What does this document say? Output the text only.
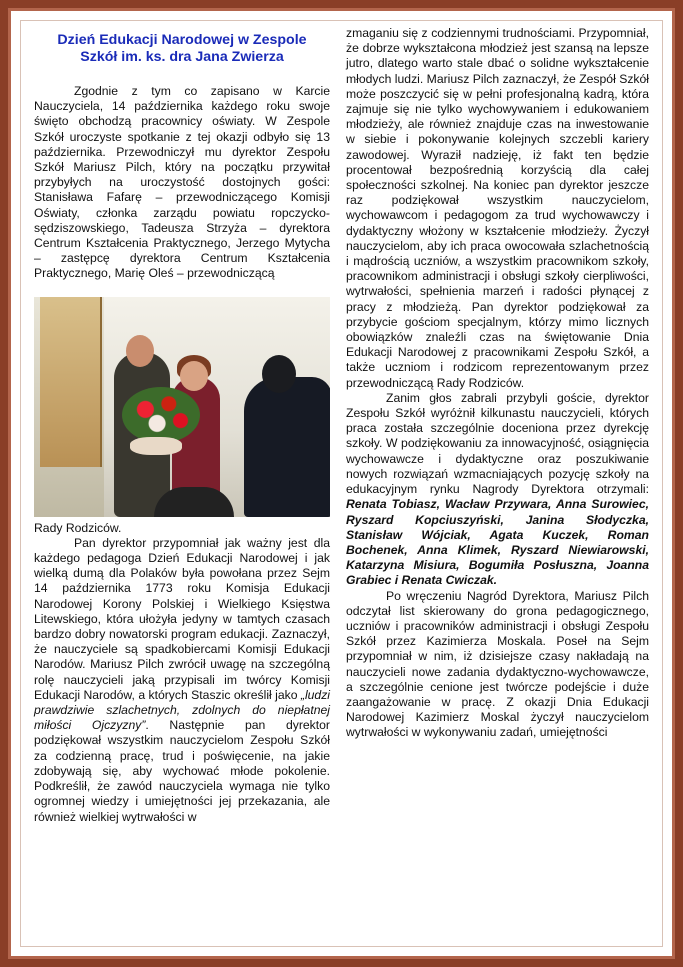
Dzień Edukacji Narodowej w Zespole
Szkół im. ks. dra Jana Zwierza

Zgodnie z tym co zapisano w Karcie Nauczyciela, 14 października każdego roku swoje święto obchodzą pracownicy oświaty. W Zespole Szkół uroczyste spotkanie z tej okazji odbyło się 13 października. Przewodniczył mu dyrektor Zespołu Szkół Mariusz Pilch, który na początku przywitał przybyłych na uroczystość dostojnych gości: Stanisława Fafarę – przewodniczącego Komisji Oświaty, członka zarządu powiatu ropczycko-sędziszowskiego, Tadeusza Strzyża – dyrektora Centrum Kształcenia Praktycznego, Jerzego Mytycha – zastępcę dyrektora Centrum Kształcenia Praktycznego, Marię Oleś – przewodniczącą

Rady Rodziców.

Pan dyrektor przypomniał jak ważny jest dla każdego pedagoga Dzień Edukacji Narodowej i jak wielką dumą dla Polaków była powołana przez Sejm 14 października 1773 roku Komisja Edukacji Narodowej Korony Polskiej i Wielkiego Księstwa Litewskiego, która ułożyła jedyny w tamtych czasach bardzo dobry nowatorski program edukacji. Zaznaczył, że nauczyciele są spadkobiercami Komisji Edukacji Narodów. Mariusz Pilch zwrócił uwagę na szczególną rolę nauczycieli jaką przypisali im twórcy Komisji Edukacji Narodów, a których Staszic określił jako „ludzi prawdziwie szlachetnych, zdolnych do niepłatnej miłości Ojczyzny”. Następnie pan dyrektor podziękował wszystkim nauczycielom Zespołu Szkół za codzienną pracę, trud i poświęcenie, na jakie zdobywają się, aby wychować młode pokolenie. Podkreślił, że zawód nauczyciela wymaga nie tylko ogromnej wiedzy i umiejętności jej przekazania, ale również wielkiej wytrwałości w

zmaganiu się z codziennymi trudnościami. Przypomniał, że dobrze wykształcona młodzież jest szansą na lepsze jutro, dlatego warto stale dbać o solidne wykształcenie młodych ludzi. Mariusz Pilch zaznaczył, że Zespół Szkół może poszczycić się w pełni profesjonalną kadrą, która zajmuje się nie tylko wychowywaniem i edukowaniem młodzieży, ale również znajduje czas na inwestowanie w siebie i pokonywanie kolejnych szczebli kariery zawodowej. Wyraził nadzieję, iż fakt ten będzie procentował bezpośrednią korzyścią dla całej społeczności szkolnej. Na koniec pan dyrektor jeszcze raz podziękował wszystkim nauczycielom, wychowawcom i pedagogom za trud wychowawczy i dydaktyczny włożony w kształcenie młodzieży. Życzył nauczycielom, aby ich praca owocowała szlachetnością i mądrością uczniów, a wszystkim pracownikom szkoły, pracownikom administracji i obsługi szkoły cierpliwości, wytrwałości, spełnienia marzeń i radości płynącej z pracy z młodzieżą. Pan dyrektor podziękował za przybycie gościom specjalnym, którzy mimo licznych obowiązków znaleźli czas na świętowanie Dnia Edukacji Narodowej z pracownikami Zespołu Szkół, a także uczniom i rodzicom reprezentowanym przez przewodniczącą Rady Rodziców.

Zanim głos zabrali przybyli goście, dyrektor Zespołu Szkół wyróżnił kilkunastu nauczycieli, których praca została szczególnie doceniona przez dyrekcję szkoły. W podziękowaniu za innowacyjność, osiągnięcia wychowawcze i dydaktyczne oraz poszukiwanie nowych rozwiązań wzmacniających pozycję szkoły na edukacyjnym rynku Nagrody Dyrektora otrzymali: Renata Tobiasz, Wacław Przywara, Anna Surowiec, Ryszard Kopciuszyński, Janina Słodyczka, Stanisław Wójciak, Agata Kuczek, Roman Bochenek, Anna Klimek, Ryszard Niewiarowski, Katarzyna Misiura, Bogumiła Posłuszna, Joanna Grabiec i Renata Cwiczak.

Po wręczeniu Nagród Dyrektora, Mariusz Pilch odczytał list skierowany do grona pedagogicznego, uczniów i pracowników administracji i obsługi Zespołu Szkół przez Kazimierza Moskala. Poseł na Sejm przypomniał w nim, iż dzisiejsze czasy nakładają na nauczycieli nowe zadania dydaktyczno-wychowawcze, a szczególnie cenione jest twórcze podejście i duże zaangażowanie w pracę. Z okazji Dnia Edukacji Narodowej Kazimierz Moskal życzył nauczycielom wytrwałości w wykonywaniu zadań, umiejętności
